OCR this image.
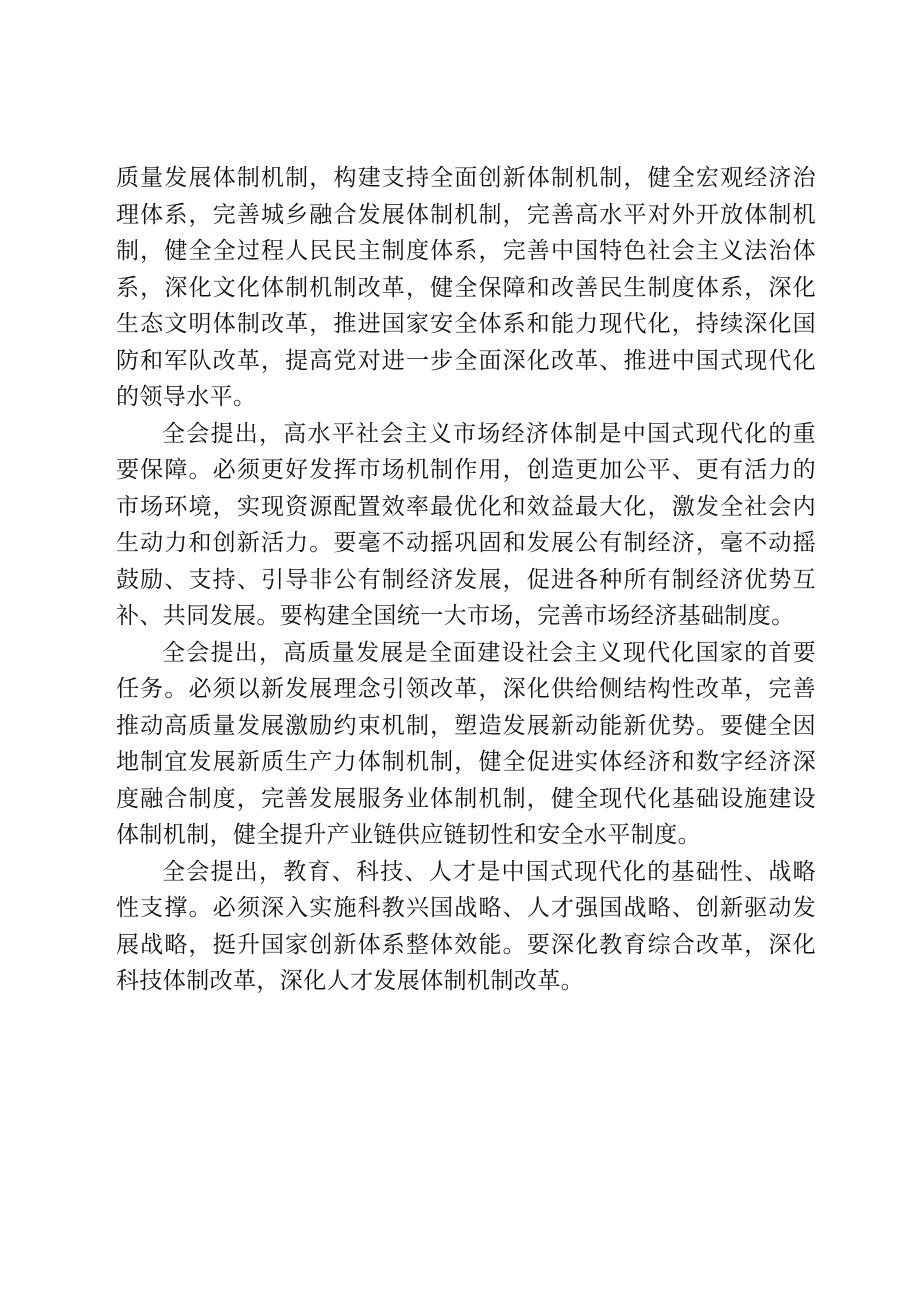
质量发展体制机制，构建支持全面创新体制机制，健全宏观经济治理体系，完善城乡融合发展体制机制，完善高水平对外开放体制机制，健全全过程人民民主制度体系，完善中国特色社会主义法治体系，深化文化体制机制改革，健全保障和改善民生制度体系，深化生态文明体制改革，推进国家安全体系和能力现代化，持续深化国防和军队改革，提高党对进一步全面深化改革、推进中国式现代化的领导水平。

全会提出，高水平社会主义市场经济体制是中国式现代化的重要保障。必须更好发挥市场机制作用，创造更加公平、更有活力的市场环境，实现资源配置效率最优化和效益最大化，激发全社会内生动力和创新活力。要毫不动摇巩固和发展公有制经济，毫不动摇鼓励、支持、引导非公有制经济发展，促进各种所有制经济优势互补、共同发展。要构建全国统一大市场，完善市场经济基础制度。

全会提出，高质量发展是全面建设社会主义现代化国家的首要任务。必须以新发展理念引领改革，深化供给侧结构性改革，完善推动高质量发展激励约束机制，塑造发展新动能新优势。要健全因地制宜发展新质生产力体制机制，健全促进实体经济和数字经济深度融合制度，完善发展服务业体制机制，健全现代化基础设施建设体制机制，健全提升产业链供应链韧性和安全水平制度。

全会提出，教育、科技、人才是中国式现代化的基础性、战略性支撑。必须深入实施科教兴国战略、人才强国战略、创新驱动发展战略，挺升国家创新体系整体效能。要深化教育综合改革，深化科技体制改革，深化人才发展体制机制改革。
